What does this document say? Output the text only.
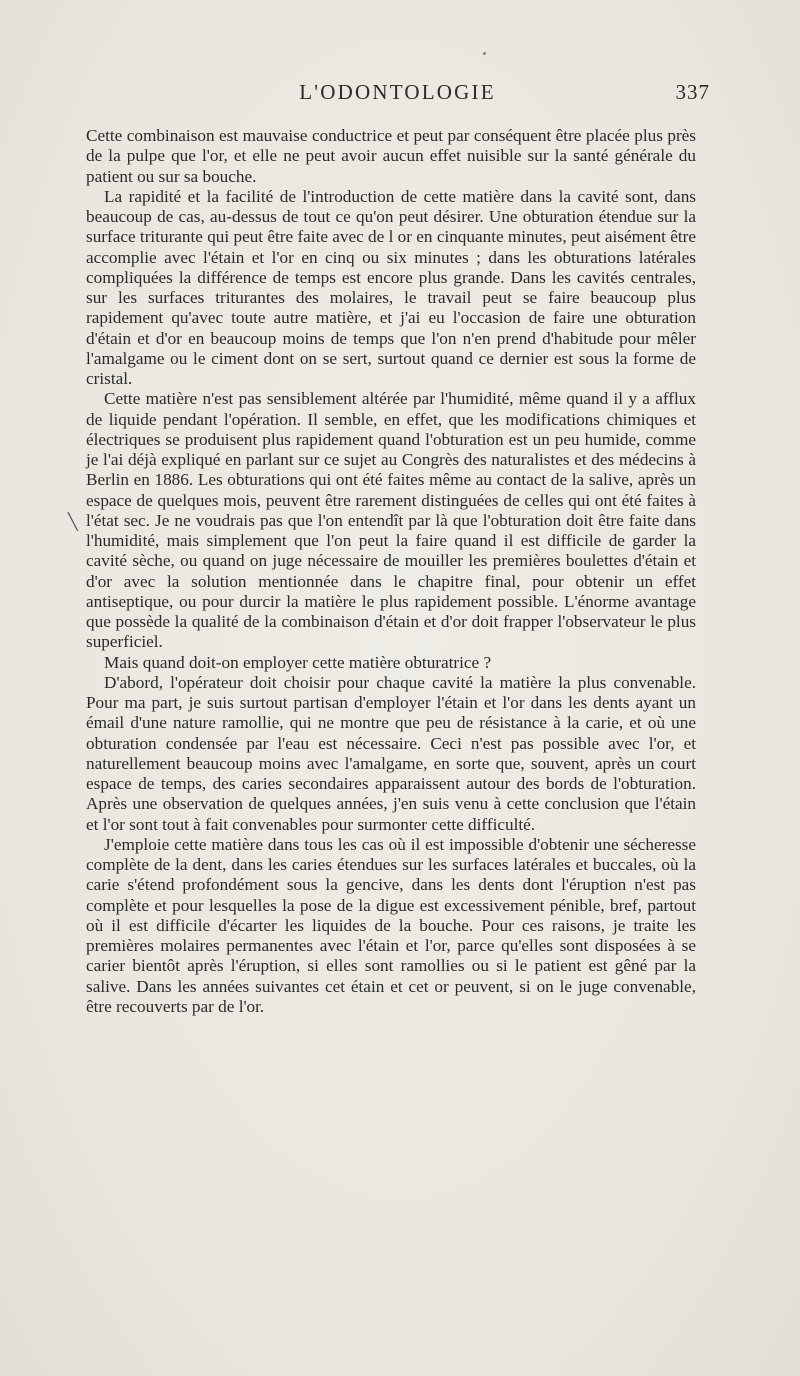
L'ODONTOLOGIE	337
╲

Cette combinaison est mauvaise conductrice et peut par conséquent être placée plus près de la pulpe que l'or, et elle ne peut avoir aucun effet nuisible sur la santé générale du patient ou sur sa bouche.

La rapidité et la facilité de l'introduction de cette matière dans la cavité sont, dans beaucoup de cas, au-dessus de tout ce qu'on peut désirer. Une obturation étendue sur la surface triturante qui peut être faite avec de l or en cinquante minutes, peut aisément être accomplie avec l'étain et l'or en cinq ou six minutes ; dans les obturations latérales compliquées la différence de temps est encore plus grande. Dans les cavités centrales, sur les surfaces triturantes des molaires, le travail peut se faire beaucoup plus rapidement qu'avec toute autre matière, et j'ai eu l'occasion de faire une obturation d'étain et d'or en beaucoup moins de temps que l'on n'en prend d'habitude pour mêler l'amalgame ou le ciment dont on se sert, surtout quand ce dernier est sous la forme de cristal.

Cette matière n'est pas sensiblement altérée par l'humidité, même quand il y a afflux de liquide pendant l'opération. Il semble, en effet, que les modifications chimiques et électriques se produisent plus rapidement quand l'obturation est un peu humide, comme je l'ai déjà expliqué en parlant sur ce sujet au Congrès des naturalistes et des médecins à Berlin en 1886. Les obturations qui ont été faites même au contact de la salive, après un espace de quelques mois, peuvent être rarement distinguées de celles qui ont été faites à l'état sec. Je ne voudrais pas que l'on entendît par là que l'obturation doit être faite dans l'humidité, mais simplement que l'on peut la faire quand il est difficile de garder la cavité sèche, ou quand on juge nécessaire de mouiller les premières boulettes d'étain et d'or avec la solution mentionnée dans le chapitre final, pour obtenir un effet antiseptique, ou pour durcir la matière le plus rapidement possible. L'énorme avantage que possède la qualité de la combinaison d'étain et d'or doit frapper l'observateur le plus superficiel.

Mais quand doit-on employer cette matière obturatrice ?

D'abord, l'opérateur doit choisir pour chaque cavité la matière la plus convenable. Pour ma part, je suis surtout partisan d'employer l'étain et l'or dans les dents ayant un émail d'une nature ramollie, qui ne montre que peu de résistance à la carie, et où une obturation condensée par l'eau est nécessaire. Ceci n'est pas possible avec l'or, et naturellement beaucoup moins avec l'amalgame, en sorte que, souvent, après un court espace de temps, des caries secondaires apparaissent autour des bords de l'obturation. Après une observation de quelques années, j'en suis venu à cette conclusion que l'étain et l'or sont tout à fait convenables pour surmonter cette difficulté.

J'emploie cette matière dans tous les cas où il est impossible d'obtenir une sécheresse complète de la dent, dans les caries étendues sur les surfaces latérales et buccales, où la carie s'étend profondément sous la gencive, dans les dents dont l'éruption n'est pas complète et pour lesquelles la pose de la digue est excessivement pénible, bref, partout où il est difficile d'écarter les liquides de la bouche. Pour ces raisons, je traite les premières molaires permanentes avec l'étain et l'or, parce qu'elles sont disposées à se carier bientôt après l'éruption, si elles sont ramollies ou si le patient est gêné par la salive. Dans les années suivantes cet étain et cet or peuvent, si on le juge convenable, être recouverts par de l'or.
